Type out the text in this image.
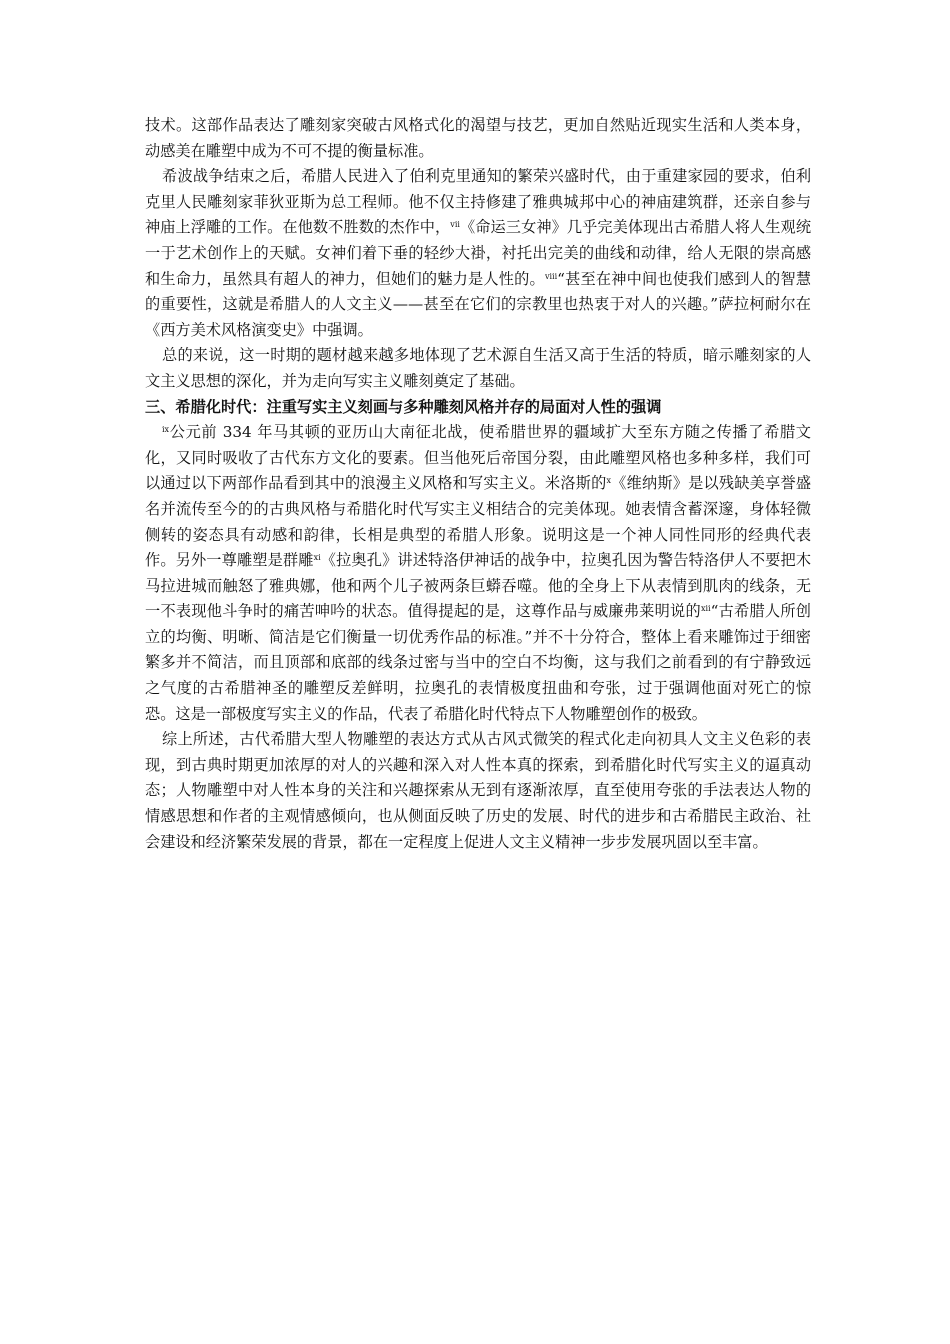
技术。这部作品表达了雕刻家突破古风格式化的渴望与技艺，更加自然贴近现实生活和人类本身，动感美在雕塑中成为不可不提的衡量标准。

希波战争结束之后，希腊人民进入了伯利克里通知的繁荣兴盛时代，由于重建家园的要求，伯利克里人民雕刻家菲狄亚斯为总工程师。他不仅主持修建了雅典城邦中心的神庙建筑群，还亲自参与神庙上浮雕的工作。在他数不胜数的杰作中，$^{vii}$《命运三女神》几乎完美体现出古希腊人将人生观统一于艺术创作上的天赋。女神们着下垂的轻纱大褂，衬托出完美的曲线和动律，给人无限的崇高感和生命力，虽然具有超人的神力，但她们的魅力是人性的。$^{viii}$“甚至在神中间也使我们感到人的智慧的重要性，这就是希腊人的人文主义——甚至在它们的宗教里也热衷于对人的兴趣。”萨拉柯耐尔在《西方美术风格演变史》中强调。

总的来说，这一时期的题材越来越多地体现了艺术源自生活又高于生活的特质，暗示雕刻家的人文主义思想的深化，并为走向写实主义雕刻奠定了基础。

三、希腊化时代：注重写实主义刻画与多种雕刻风格并存的局面对人性的强调

$^{ix}$公元前 334 年马其顿的亚历山大南征北战，使希腊世界的疆域扩大至东方随之传播了希腊文化，又同时吸收了古代东方文化的要素。但当他死后帝国分裂，由此雕塑风格也多种多样，我们可以通过以下两部作品看到其中的浪漫主义风格和写实主义。米洛斯的$^x$《维纳斯》是以残缺美享誉盛名并流传至今的的古典风格与希腊化时代写实主义相结合的完美体现。她表情含蓄深邃，身体轻微侧转的姿态具有动感和韵律，长相是典型的希腊人形象。说明这是一个神人同性同形的经典代表作。另外一尊雕塑是群雕$^{xi}$《拉奥孔》讲述特洛伊神话的战争中，拉奥孔因为警告特洛伊人不要把木马拉进城而触怒了雅典娜，他和两个儿子被两条巨蟒吞噬。他的全身上下从表情到肌肉的线条，无一不表现他斗争时的痛苦呻吟的状态。值得提起的是，这尊作品与威廉弗莱明说的$^{xii}$“古希腊人所创立的均衡、明晰、简洁是它们衡量一切优秀作品的标准。”并不十分符合，整体上看来雕饰过于细密繁多并不简洁，而且顶部和底部的线条过密与当中的空白不均衡，这与我们之前看到的有宁静致远之气度的古希腊神圣的雕塑反差鲜明，拉奥孔的表情极度扭曲和夸张，过于强调他面对死亡的惊恐。这是一部极度写实主义的作品，代表了希腊化时代特点下人物雕塑创作的极致。

综上所述，古代希腊大型人物雕塑的表达方式从古风式微笑的程式化走向初具人文主义色彩的表现，到古典时期更加浓厚的对人的兴趣和深入对人性本真的探索，到希腊化时代写实主义的逼真动态；人物雕塑中对人性本身的关注和兴趣探索从无到有逐渐浓厚，直至使用夸张的手法表达人物的情感思想和作者的主观情感倾向，也从侧面反映了历史的发展、时代的进步和古希腊民主政治、社会建设和经济繁荣发展的背景，都在一定程度上促进人文主义精神一步步发展巩固以至丰富。
